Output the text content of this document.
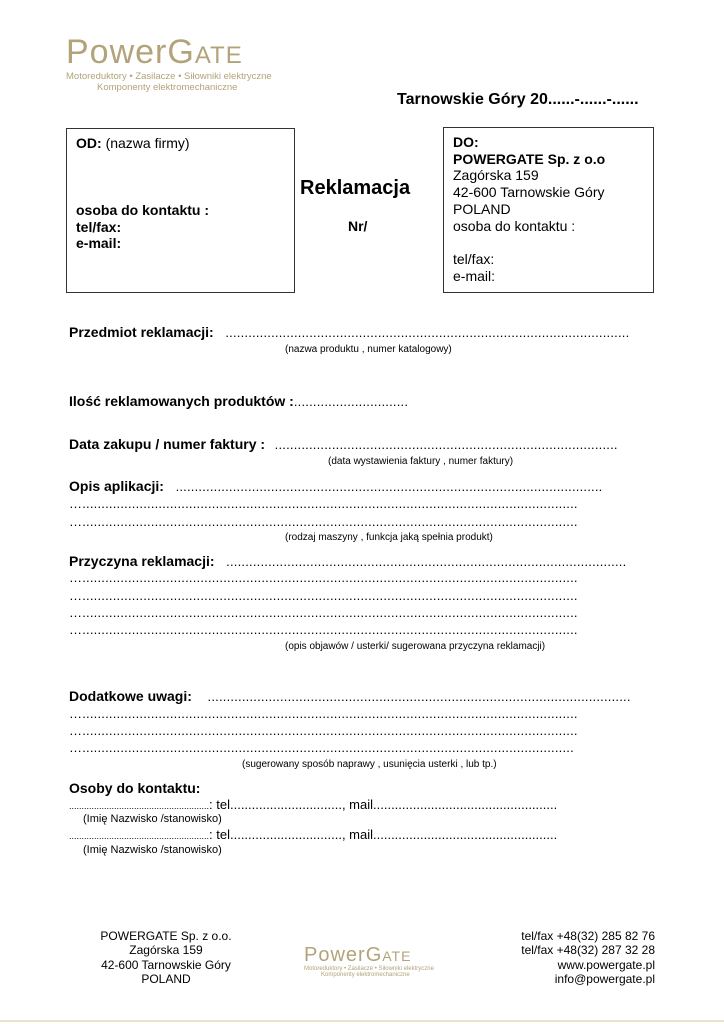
PowerGate
Motoreduktory • Zasilacze • Siłowniki elektryczne
Komponenty elektromechaniczne
Tarnowskie Góry 20......-......-......
OD: (nazwa firmy)
osoba do kontaktu :
tel/fax:
e-mail:
Reklamacja
Nr/
DO:
POWERGATE Sp. z o.o
Zagórska 159
42-600 Tarnowskie Góry
POLAND
osoba do kontaktu :
tel/fax:
e-mail:
Przedmiot reklamacji: ..........................................................................................................
(nazwa produktu , numer katalogowy)
Ilość reklamowanych produktów :..............................
Data zakupu / numer faktury : ..........................................................................................
(data wystawienia faktury , numer faktury)
Opis aplikacji: ................................................................................................................
…..................................................................................................................................
…..................................................................................................................................
(rodzaj maszyny , funkcja jaką spełnia produkt)
Przyczyna reklamacji: .........................................................................................................
…..................................................................................................................................
…..................................................................................................................................
…..................................................................................................................................
…..................................................................................................................................
(opis objawów / usterki/ sugerowana przyczyna reklamacji)
Dodatkowe uwagi: ...............................................................................................................
…..................................................................................................................................
…..................................................................................................................................
….................................................................................................................................
(sugerowany sposób naprawy , usunięcia usterki , lub tp.)
Osoby do kontaktu:
........................................................: tel..............................., mail...................................................
(Imię Nazwisko /stanowisko)
........................................................: tel..............................., mail...................................................
(Imię Nazwisko /stanowisko)
POWERGATE Sp. z o.o.
Zagórska 159
42-600 Tarnowskie Góry
POLAND
PowerGate
Motoreduktory • Zasilacze • Siłowniki elektryczne
Komponenty elektromechaniczne
tel/fax +48(32) 285 82 76
tel/fax +48(32) 287 32 28
www.powergate.pl
info@powergate.pl
